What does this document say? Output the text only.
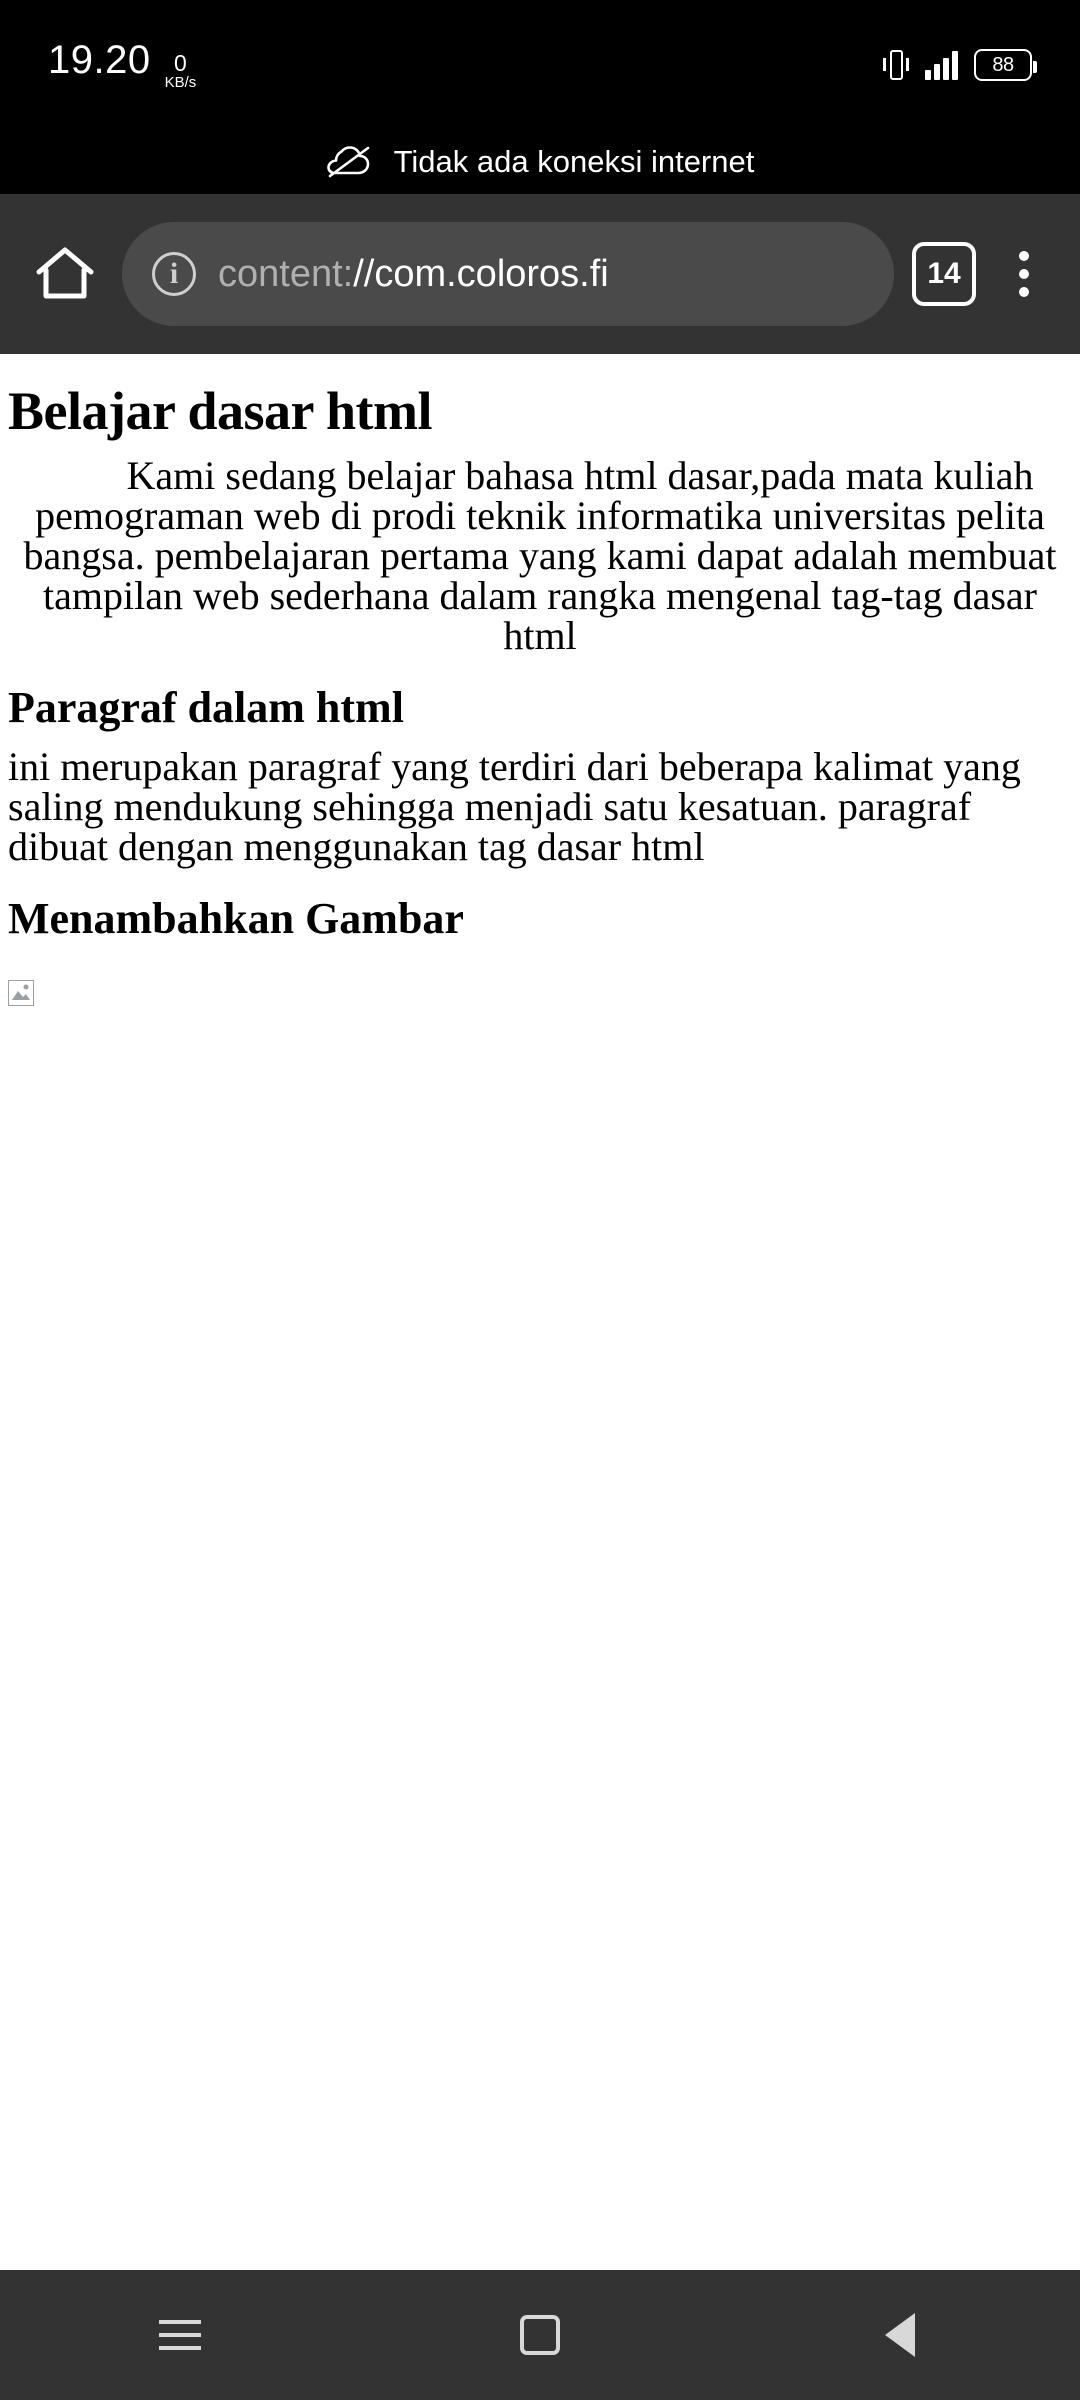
19.20 0
KB/s
88
Tidak ada koneksi internet
i	content://com.coloros.fi	14
Belajar dasar html

Kami sedang belajar bahasa html dasar,pada mata kuliah pemograman web di prodi teknik informatika universitas pelita bangsa. pembelajaran pertama yang kami dapat adalah membuat tampilan web sederhana dalam rangka mengenal tag-tag dasar html

Paragraf dalam html

ini merupakan paragraf yang terdiri dari beberapa kalimat yang saling mendukung sehingga menjadi satu kesatuan. paragraf dibuat dengan menggunakan tag dasar html

Menambahkan Gambar
